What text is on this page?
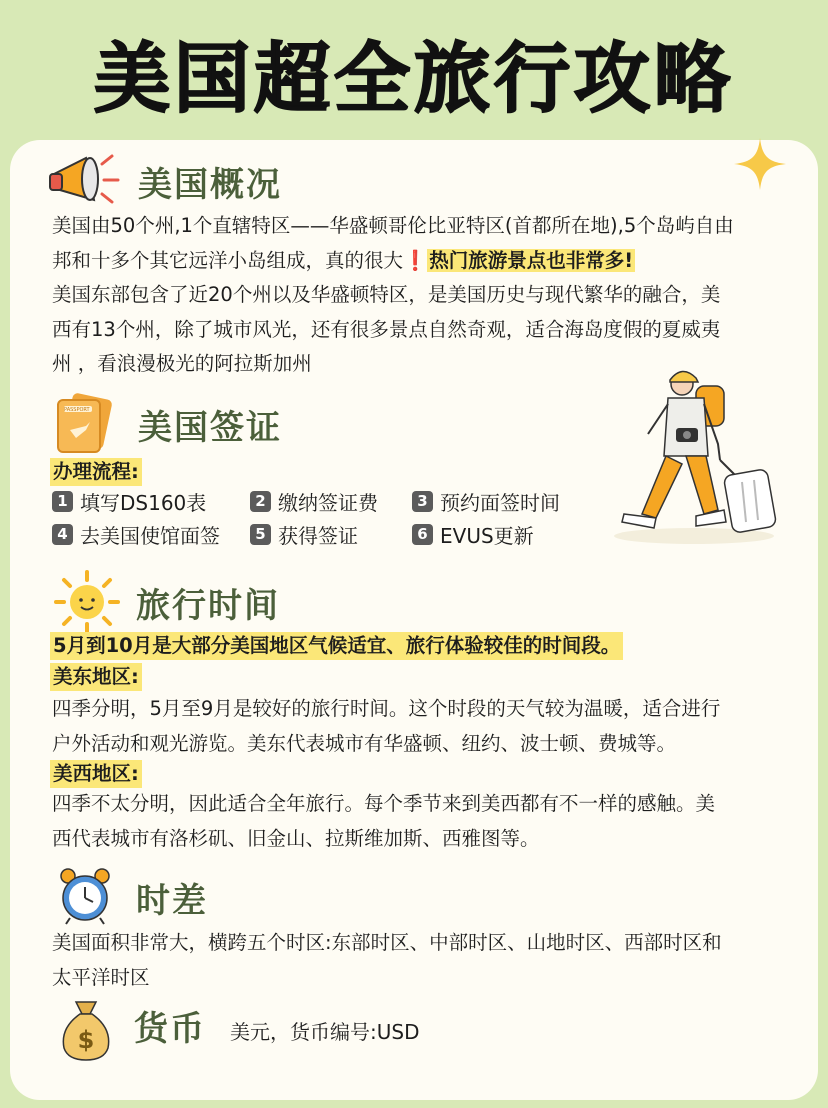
美国超全旅行攻略
美国概况
美国由50个州,1个直辖特区——华盛顿哥伦比亚特区(首都所在地),5个岛屿自由
邦和十多个其它远洋小岛组成，真的很大❗ 热门旅游景点也非常多!
美国东部包含了近20个州以及华盛顿特区，是美国历史与现代繁华的融合，美
西有13个州，除了城市风光，还有很多景点自然奇观，适合海岛度假的夏威夷
州 ，看浪漫极光的阿拉斯加州
PASSPORT 美国签证
办理流程:
1 填写DS160表	2 缴纳签证费	3 预约面签时间
4 去美国使馆面签	5 获得签证	6 EVUS更新
旅行时间
5月到10月是大部分美国地区气候适宜、旅行体验较佳的时间段。
美东地区:
四季分明，5月至9月是较好的旅行时间。这个时段的天气较为温暖，适合进行
户外活动和观光游览。美东代表城市有华盛顿、纽约、波士顿、费城等。
美西地区:
四季不太分明，因此适合全年旅行。每个季节来到美西都有不一样的感触。美
西代表城市有洛杉矶、旧金山、拉斯维加斯、西雅图等。
时差
美国面积非常大，横跨五个时区:东部时区、中部时区、山地时区、西部时区和
太平洋时区
$ 货币 美元，货币编号:USD
